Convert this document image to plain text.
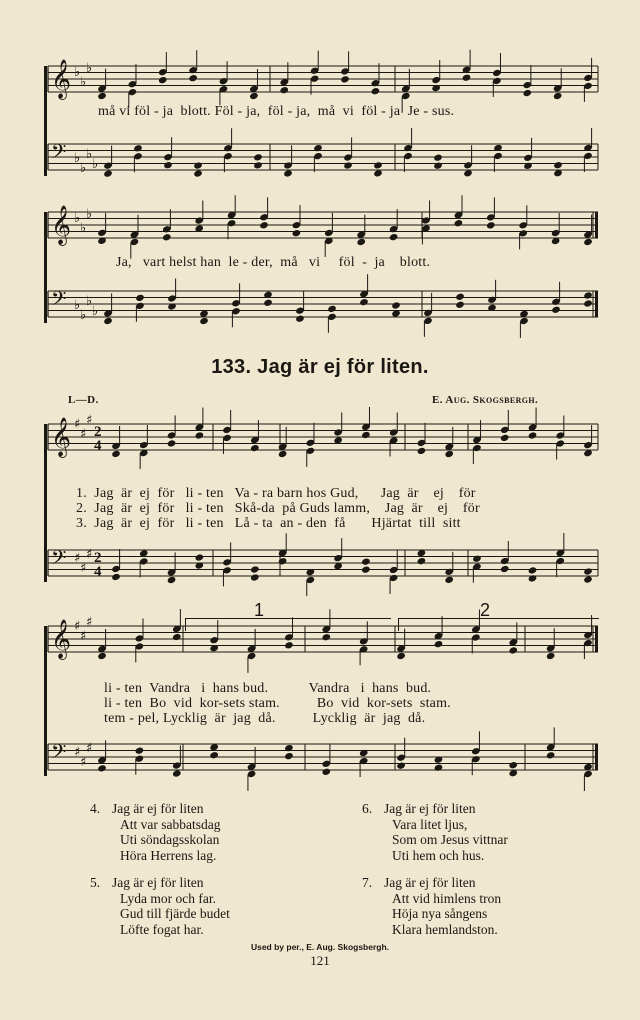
𝄞 ♭
♭
♭
må vi föl - ja  blott. Föl - ja,  föl - ja,  må  vi  föl - ja  Je - sus.
𝄢 ♭
♭
♭
♭
𝄞 ♭
♭
♭
Ja,   vart helst han  le - der,  må   vi     föl  -  ja    blott.
𝄢 ♭
♭
♭
♭
133. Jag är ej för liten.
L—D.	E. Aug. Skogsbergh.
𝄞 ♯
♯
♯
2
4
1.  Jag  är  ej  för   li - ten   Va - ra barn hos Gud,      Jag  är    ej    för
2.  Jag  är  ej  för   li - ten   Skå-da  på Guds lamm,    Jag  är    ej    för
3.  Jag  är  ej  för   li - ten   Lå - ta  an - den  få       Hjärtat  till  sitt
𝄢 ♯
♯
♯ 2
4
𝄞 ♯
♯
♯
1	2
li - ten  Vandra   i  hans bud.           Vandra   i  hans  bud.
li - ten  Bo  vid  kor-sets stam.          Bo  vid  kor-sets  stam.
tem - pel, Lycklig  är  jag  då.          Lycklig  är  jag  då.
𝄢 ♯
♯
♯
4. Jag är ej för liten
Att var sabbatsdag
Uti söndagsskolan
Höra Herrens lag.
5. Jag är ej för liten
Lyda mor och far.
Gud till fjärde budet
Löfte fogat har.
6. Jag är ej för liten
Vara litet ljus,
Som om Jesus vittnar
Uti hem och hus.
7. Jag är ej för liten
Att vid himlens tron
Höja nya sångens
Klara hemlandston.
Used by per., E. Aug. Skogsbergh.
121
